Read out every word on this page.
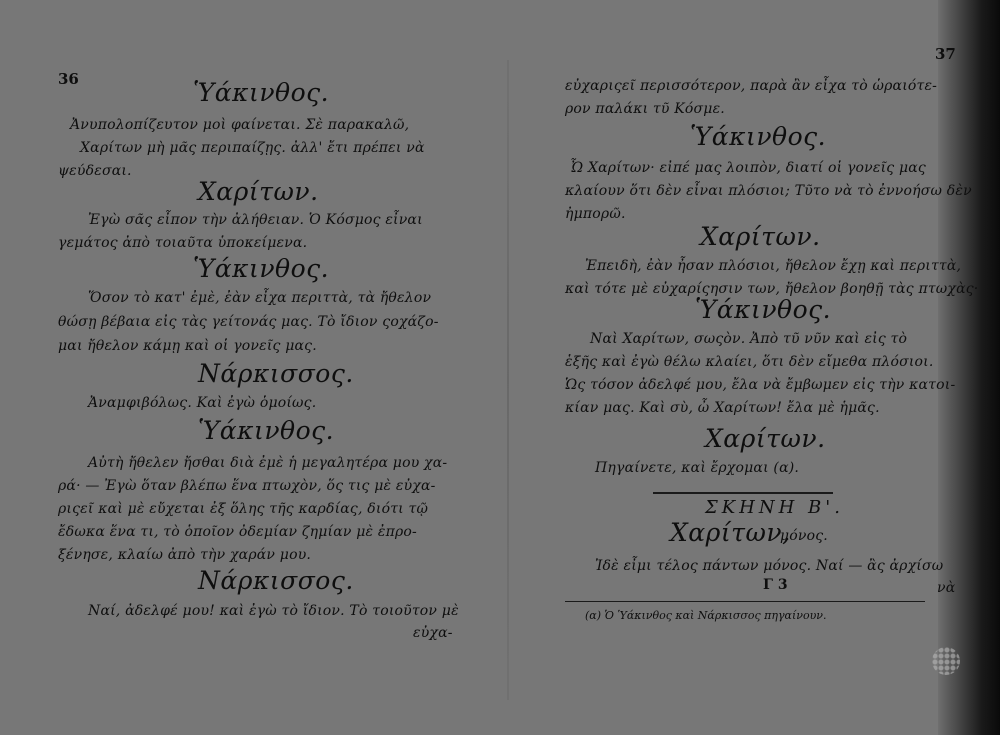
36	Ὑάκινθος.
Ἀνυπολοπίζευτον μοὶ φαίνεται. Σὲ παρακαλῶ,
Χαρίτων μὴ μᾶς περιπαίζῃς. ἀλλ' ἔτι πρέπει νὰ
ψεύδεσαι.
Χαρίτων.
Ἐγὼ σᾶς εἶπον τὴν ἀλήθειαν. Ὁ Κόσμος εἶναι
γεμάτος ἀπὸ τοιαῦτα ὑποκείμενα.
Ὑάκινθος.
Ὅσον τὸ κατ' ἐμὲ, ἐὰν εἶχα περιττὰ, τὰ ἤθελον
θώσῃ βέβαια εἰς τὰς γείτονάς μας. Τὸ ἴδιον ςοχάζο-
μαι ἤθελον κάμῃ καὶ οἱ γονεῖς μας.
Νάρκισσος.
Ἀναμφιβόλως. Καὶ ἐγὼ ὁμοίως.
Ὑάκινθος.
Αὐτὴ ἤθελεν ἤσθαι διὰ ἐμὲ ἡ μεγαλητέρα μου χα-
ρά· — Ἐγὼ ὅταν βλέπω ἕνα πτωχὸν, ὅς τις μὲ εὐχα-
ριςεῖ καὶ μὲ εὔχεται ἐξ ὅλης τῆς καρδίας, διότι τῷ
ἔδωκα ἕνα τι, τὸ ὁποῖον ὀδεμίαν ζημίαν μὲ ἐπρο-
ξένησε, κλαίω ἀπὸ τὴν χαράν μου.
Νάρκισσος.
Ναί, ἀδελφέ μου! καὶ ἐγὼ τὸ ἴδιον. Τὸ τοιοῦτον μὲ
εὐχα-
37
εὐχαριςεῖ περισσότερον, παρὰ ἂν εἶχα τὸ ὡραιότε-
ρον παλάκι τῦ Κόσμε.
Ὑάκινθος.
Ὦ Χαρίτων· εἰπέ μας λοιπὸν, διατί οἱ γονεῖς μας
κλαίουν ὅτι δὲν εἶναι πλόσιοι; Τῦτο νὰ τὸ ἐννοήσω δὲν
ἠμπορῶ.
Χαρίτων.
Ἐπειδὴ, ἐὰν ἦσαν πλόσιοι, ἤθελον ἔχῃ καὶ περιττὰ,
καὶ τότε μὲ εὐχαρίςησιν των, ἤθελον βοηθῇ τὰς πτωχὰς·
Ὑάκινθος.
Ναὶ Χαρίτων, σωςὸν. Ἀπὸ τῦ νῦν καὶ εἰς τὸ
ἑξῆς καὶ ἐγὼ θέλω κλαίει, ὅτι δὲν εἴμεθα πλόσιοι.
Ὡς τόσον ἀδελφέ μου, ἔλα νὰ ἔμβωμεν εἰς τὴν κατοι-
κίαν μας. Καὶ σὺ, ὦ Χαρίτων! ἔλα μὲ ἡμᾶς.
Χαρίτων.
Πηγαίνετε, καὶ ἔρχομαι (α).
ΣΚΗΝΗ Β'.
Χαρίτων,
μόνος.
Ἰδὲ εἶμι τέλος πάντων μόνος. Ναί — ἂς ἀρχίσω
Γ 3	νὰ
(α) Ὁ Ὑάκινθος καὶ Νάρκισσος πηγαίνουν.
